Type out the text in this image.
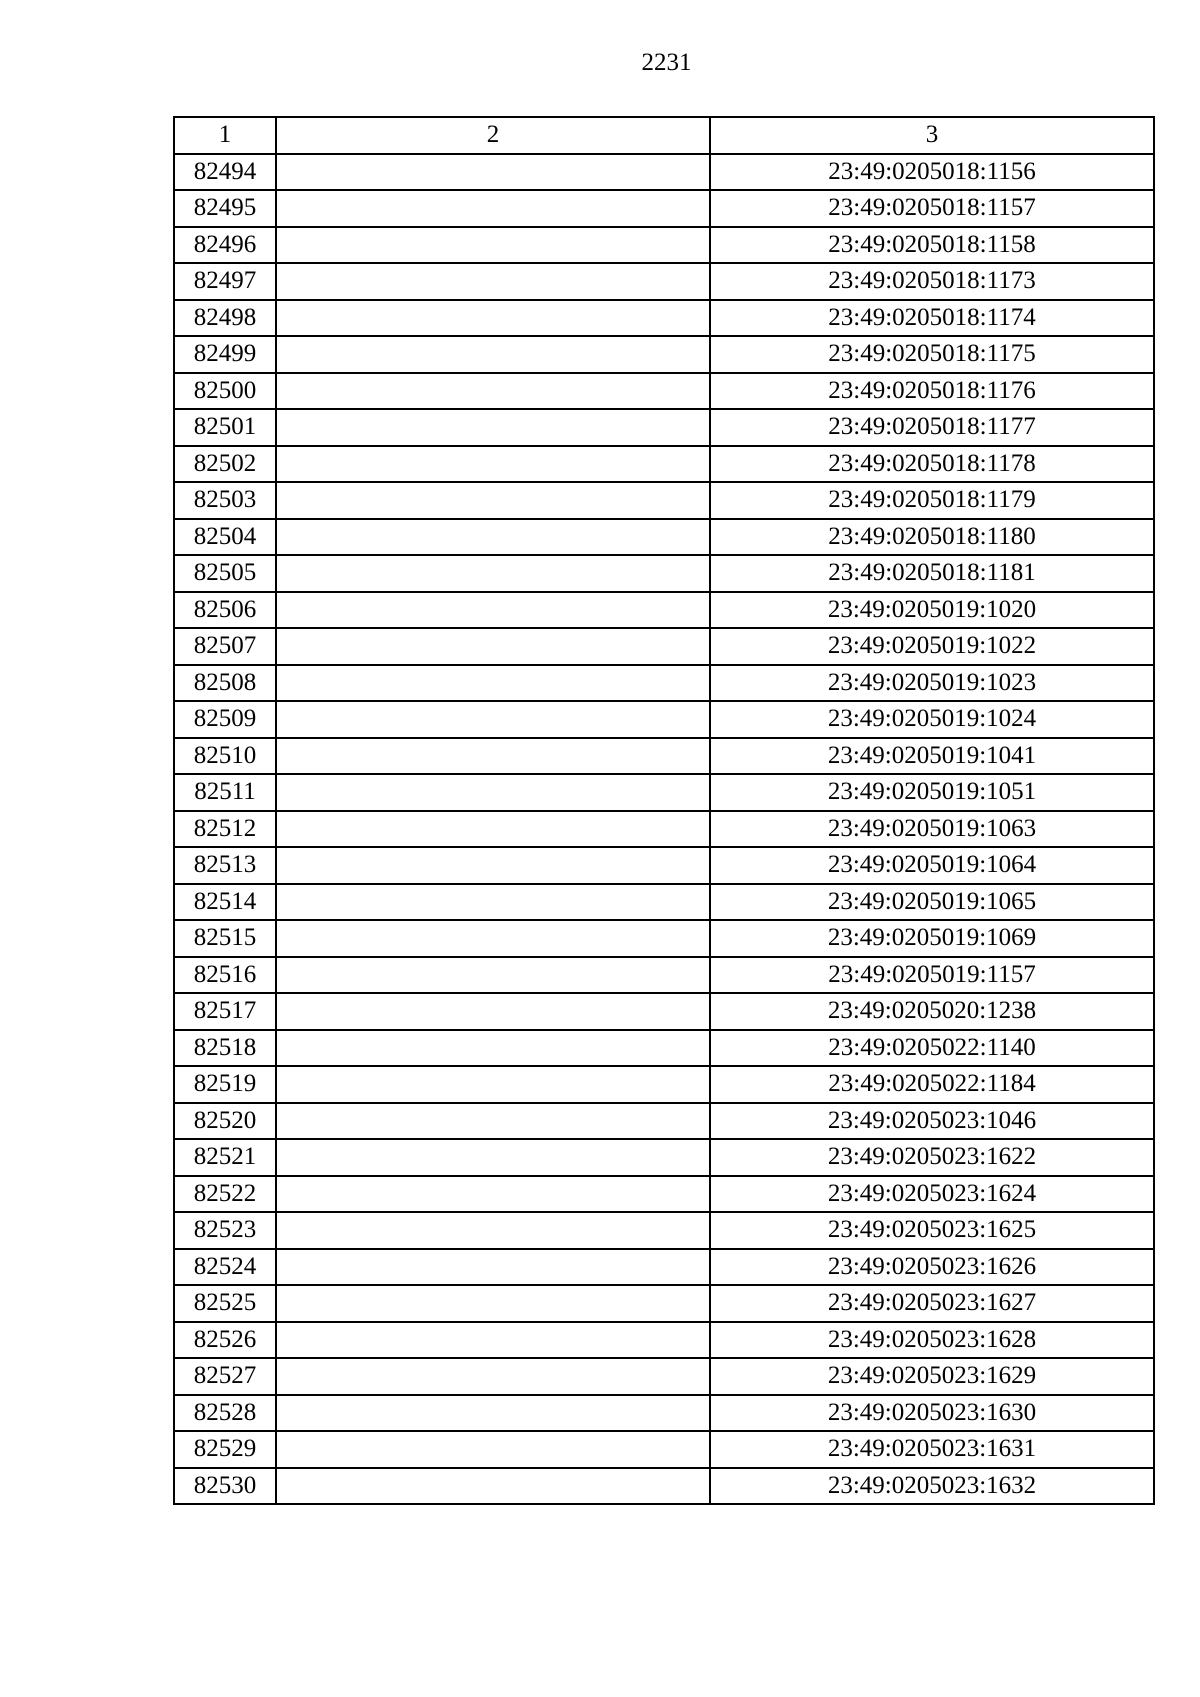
2231
1	2	3
82494		23:49:0205018:1156
82495		23:49:0205018:1157
82496		23:49:0205018:1158
82497		23:49:0205018:1173
82498		23:49:0205018:1174
82499		23:49:0205018:1175
82500		23:49:0205018:1176
82501		23:49:0205018:1177
82502		23:49:0205018:1178
82503		23:49:0205018:1179
82504		23:49:0205018:1180
82505		23:49:0205018:1181
82506		23:49:0205019:1020
82507		23:49:0205019:1022
82508		23:49:0205019:1023
82509		23:49:0205019:1024
82510		23:49:0205019:1041
82511		23:49:0205019:1051
82512		23:49:0205019:1063
82513		23:49:0205019:1064
82514		23:49:0205019:1065
82515		23:49:0205019:1069
82516		23:49:0205019:1157
82517		23:49:0205020:1238
82518		23:49:0205022:1140
82519		23:49:0205022:1184
82520		23:49:0205023:1046
82521		23:49:0205023:1622
82522		23:49:0205023:1624
82523		23:49:0205023:1625
82524		23:49:0205023:1626
82525		23:49:0205023:1627
82526		23:49:0205023:1628
82527		23:49:0205023:1629
82528		23:49:0205023:1630
82529		23:49:0205023:1631
82530		23:49:0205023:1632
